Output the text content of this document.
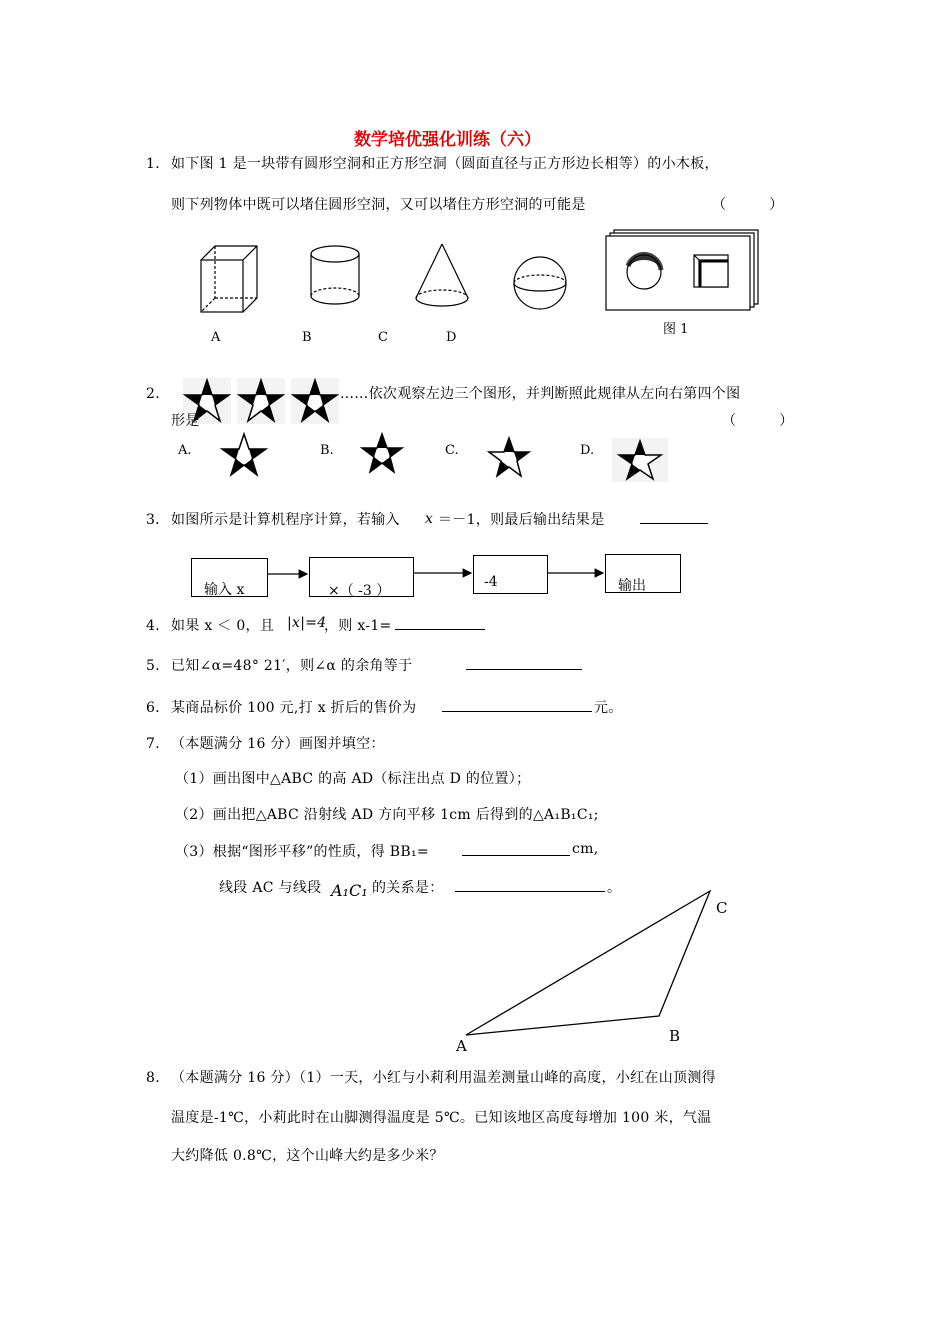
数学培优强化训练（六）
1． 如下图 1 是一块带有圆形空洞和正方形空洞（圆面直径与正方形边长相等）的小木板，
则下列物体中既可以堵住圆形空洞，又可以堵住方形空洞的可能是	（　　　）
A	B	C	D
图 1
2．	……依次观察左边三个图形，并判断照此规律从左向右第四个图
形是	（　　　）
A.	B.	C.	D.
3． 如图所示是计算机程序计算，若输入 x ＝－1，则最后输出结果是
输入 x	×（ -3 ）
-4	输出
4． 如果 x ＜ 0，且 |x|=4
，则 x-1=
5． 已知∠α=48° 21′，则∠α 的余角等于
6． 某商品标价 100 元,打 x 折后的售价为	元。
7． （本题满分 16 分）画图并填空：
（1）画出图中△ABC 的高 AD（标注出点 D 的位置）；
（2）画出把△ABC 沿射线 AD 方向平移 1cm 后得到的△A₁B₁C₁;
（3）根据“图形平移”的性质，得 BB₁=	cm,
线段 AC 与线段 A₁C₁ 的关系是：	。
A
B
C
8． （本题满分 16 分）（1）一天，小红与小莉利用温差测量山峰的高度，小红在山顶测得
温度是-1℃，小莉此时在山脚测得温度是 5℃。已知该地区高度每增加 100 米，气温
大约降低 0.8℃，这个山峰大约是多少米？
